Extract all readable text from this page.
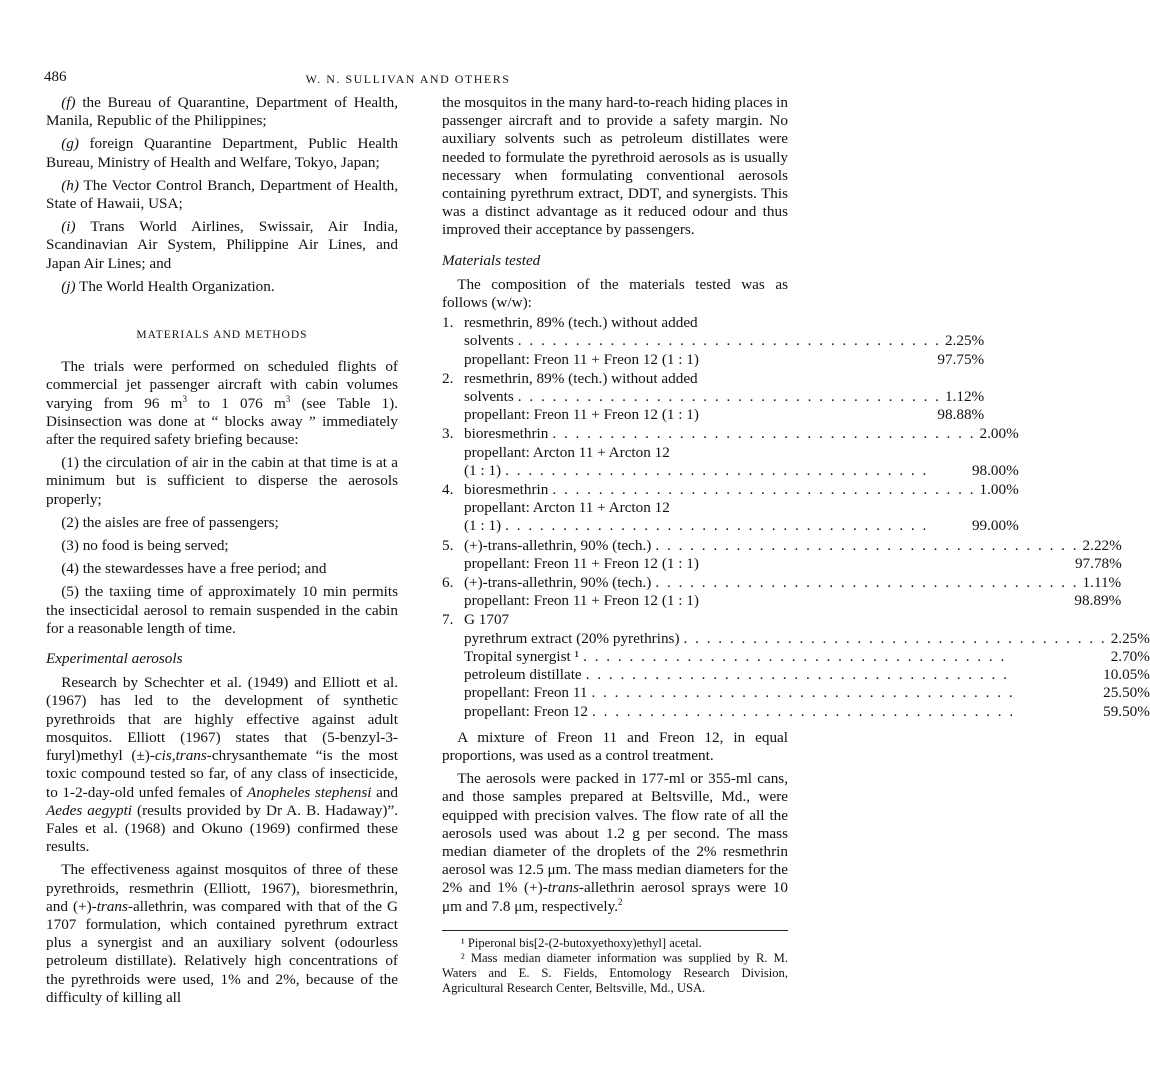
486	W. N. SULLIVAN AND OTHERS

(f) the Bureau of Quarantine, Department of Health, Manila, Republic of the Philippines;

(g) foreign Quarantine Department, Public Health Bureau, Ministry of Health and Welfare, Tokyo, Japan;

(h) The Vector Control Branch, Department of Health, State of Hawaii, USA;

(i) Trans World Airlines, Swissair, Air India, Scandinavian Air System, Philippine Air Lines, and Japan Air Lines; and

(j) The World Health Organization.

MATERIALS AND METHODS

The trials were performed on scheduled flights of commercial jet passenger aircraft with cabin volumes varying from 96 $m^3$ to 1 076 $m^3$ (see Table 1). Disinsection was done at “ blocks away ” immediately after the required safety briefing because:

(1) the circulation of air in the cabin at that time is at a minimum but is sufficient to disperse the aerosols properly;

(2) the aisles are free of passengers;

(3) no food is being served;

(4) the stewardesses have a free period; and

(5) the taxiing time of approximately 10 min permits the insecticidal aerosol to remain suspended in the cabin for a reasonable length of time.

Experimental aerosols

Research by Schechter et al. (1949) and Elliott et al. (1967) has led to the development of synthetic pyrethroids that are highly effective against adult mosquitos. Elliott (1967) states that (5-benzyl-3-furyl)methyl (±)-cis,trans-chrysanthemate “is the most toxic compound tested so far, of any class of insecticide, to 1-2-day-old unfed females of Anopheles stephensi and Aedes aegypti (results provided by Dr A. B. Hadaway)”. Fales et al. (1968) and Okuno (1969) confirmed these results.

The effectiveness against mosquitos of three of these pyrethroids, resmethrin (Elliott, 1967), bioresmethrin, and (+)-trans-allethrin, was compared with that of the G 1707 formulation, which contained pyrethrum extract plus a synergist and an auxiliary solvent (odourless petroleum distillate). Relatively high concentrations of the pyrethroids were used, 1% and 2%, because of the difficulty of killing all

the mosquitos in the many hard-to-reach hiding places in passenger aircraft and to provide a safety margin. No auxiliary solvents such as petroleum distillates were needed to formulate the pyrethroid aerosols as is usually necessary when formulating conventional aerosols containing pyrethrum extract, DDT, and synergists. This was a distinct advantage as it reduced odour and thus improved their acceptance by passengers.

Materials tested

The composition of the materials tested was as follows (w/w):

1. resmethrin, 89% (tech.) without added
solvents . . .	2.25%
propellant: Freon 11 + Freon 12 (1 : 1)	97.75%
2. resmethrin, 89% (tech.) without added
solvents . . .	1.12%
propellant: Freon 11 + Freon 12 (1 : 1)	98.88%
3. bioresmethrin . . .	2.00%
propellant: Arcton 11 + Arcton 12
(1 : 1) . . .	98.00%
4. bioresmethrin . . .	1.00%
propellant: Arcton 11 + Arcton 12
(1 : 1) . . .	99.00%
5. (+)-trans-allethrin, 90% (tech.) . . .	2.22%
propellant: Freon 11 + Freon 12 (1 : 1)	97.78%
6. (+)-trans-allethrin, 90% (tech.) . . .	1.11%
propellant: Freon 11 + Freon 12 (1 : 1)	98.89%
7. G 1707
pyrethrum extract (20% pyrethrins) . . .	2.25%
Tropital synergist ¹ . . .	2.70%
petroleum distillate . . .	10.05%
propellant: Freon 11 . . .	25.50%
propellant: Freon 12 . . .	59.50%

A mixture of Freon 11 and Freon 12, in equal proportions, was used as a control treatment.

The aerosols were packed in 177-ml or 355-ml cans, and those samples prepared at Beltsville, Md., were equipped with precision valves. The flow rate of all the aerosols used was about 1.2 g per second. The mass median diameter of the droplets of the 2% resmethrin aerosol was 12.5 μm. The mass median diameters for the 2% and 1% (+)-trans-allethrin aerosol sprays were 10 μm and 7.8 μm, respectively.$^2$

¹ Piperonal bis[2-(2-butoxyethoxy)ethyl] acetal.

² Mass median diameter information was supplied by R. M. Waters and E. S. Fields, Entomology Research Division, Agricultural Research Center, Beltsville, Md., USA.
